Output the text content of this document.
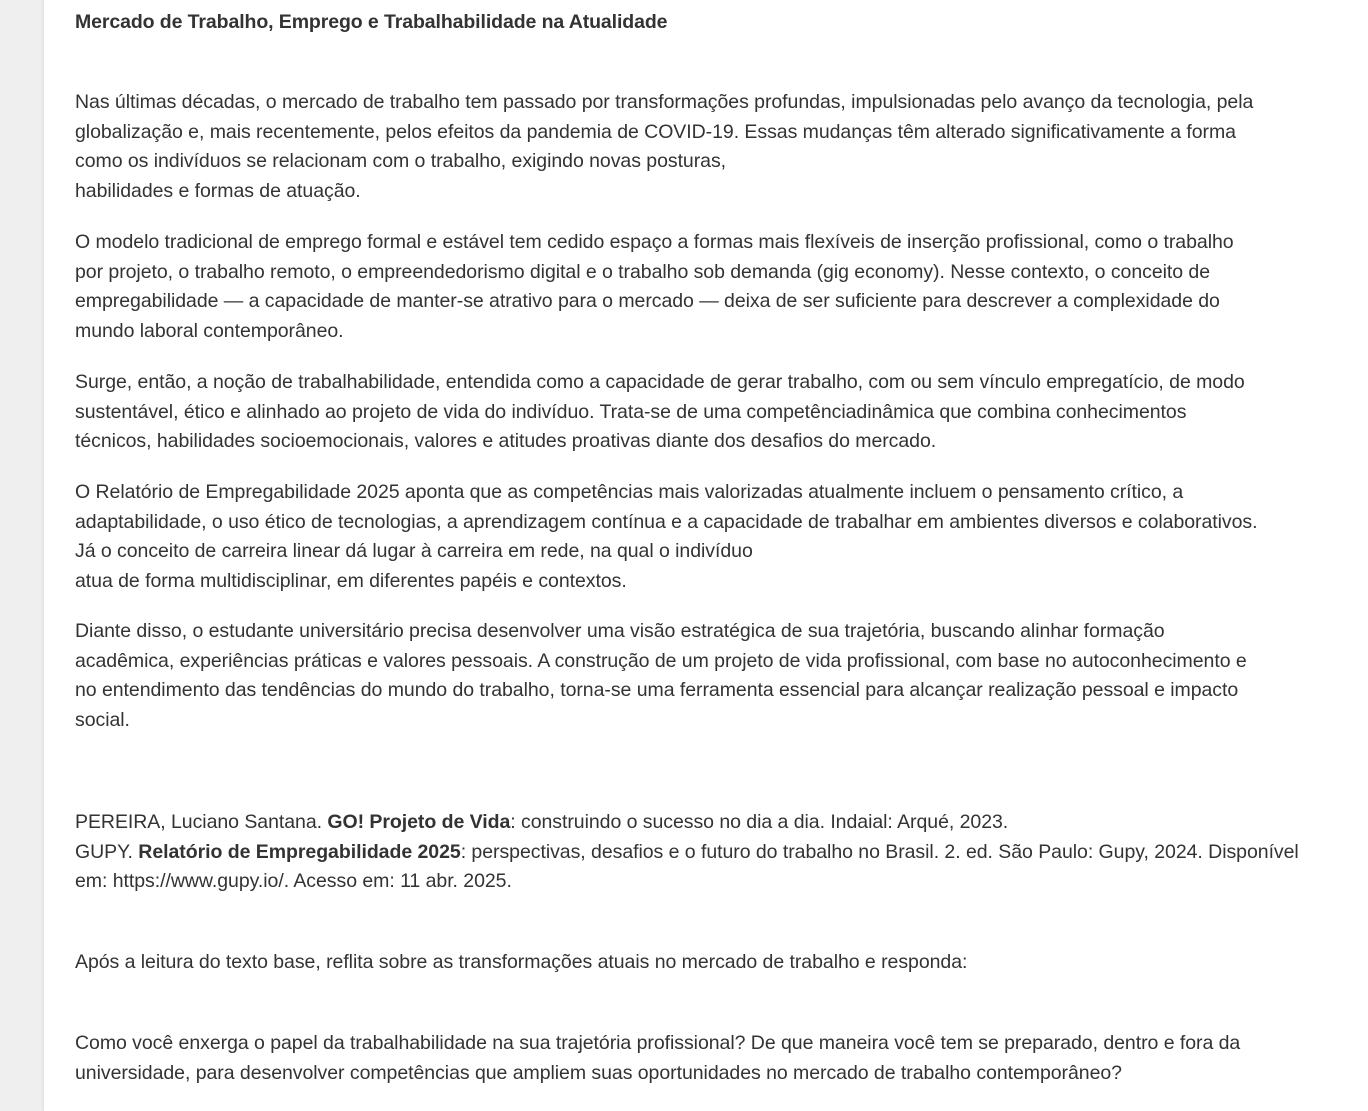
Mercado de Trabalho, Emprego e Trabalhabilidade na Atualidade

Nas últimas décadas, o mercado de trabalho tem passado por transformações profundas, impulsionadas pelo avanço da tecnologia, pela
globalização e, mais recentemente, pelos efeitos da pandemia de COVID-19. Essas mudanças têm alterado significativamente a forma
como os indivíduos se relacionam com o trabalho, exigindo novas posturas,
habilidades e formas de atuação.

O modelo tradicional de emprego formal e estável tem cedido espaço a formas mais flexíveis de inserção profissional, como o trabalho
por projeto, o trabalho remoto, o empreendedorismo digital e o trabalho sob demanda (gig economy). Nesse contexto, o conceito de
empregabilidade — a capacidade de manter-se atrativo para o mercado — deixa de ser suficiente para descrever a complexidade do
mundo laboral contemporâneo.

Surge, então, a noção de trabalhabilidade, entendida como a capacidade de gerar trabalho, com ou sem vínculo empregatício, de modo
sustentável, ético e alinhado ao projeto de vida do indivíduo. Trata-se de uma competênciadinâmica que combina conhecimentos
técnicos, habilidades socioemocionais, valores e atitudes proativas diante dos desafios do mercado.

O Relatório de Empregabilidade 2025 aponta que as competências mais valorizadas atualmente incluem o pensamento crítico, a
adaptabilidade, o uso ético de tecnologias, a aprendizagem contínua e a capacidade de trabalhar em ambientes diversos e colaborativos.
Já o conceito de carreira linear dá lugar à carreira em rede, na qual o indivíduo
atua de forma multidisciplinar, em diferentes papéis e contextos.

Diante disso, o estudante universitário precisa desenvolver uma visão estratégica de sua trajetória, buscando alinhar formação
acadêmica, experiências práticas e valores pessoais. A construção de um projeto de vida profissional, com base no autoconhecimento e
no entendimento das tendências do mundo do trabalho, torna-se uma ferramenta essencial para alcançar realização pessoal e impacto
social.

PEREIRA, Luciano Santana. GO! Projeto de Vida: construindo o sucesso no dia a dia. Indaial: Arqué, 2023.
GUPY. Relatório de Empregabilidade 2025: perspectivas, desafios e o futuro do trabalho no Brasil. 2. ed. São Paulo: Gupy, 2024. Disponível
em: https://www.gupy.io/. Acesso em: 11 abr. 2025.

Após a leitura do texto base, reflita sobre as transformações atuais no mercado de trabalho e responda:

Como você enxerga o papel da trabalhabilidade na sua trajetória profissional? De que maneira você tem se preparado, dentro e fora da
universidade, para desenvolver competências que ampliem suas oportunidades no mercado de trabalho contemporâneo?
